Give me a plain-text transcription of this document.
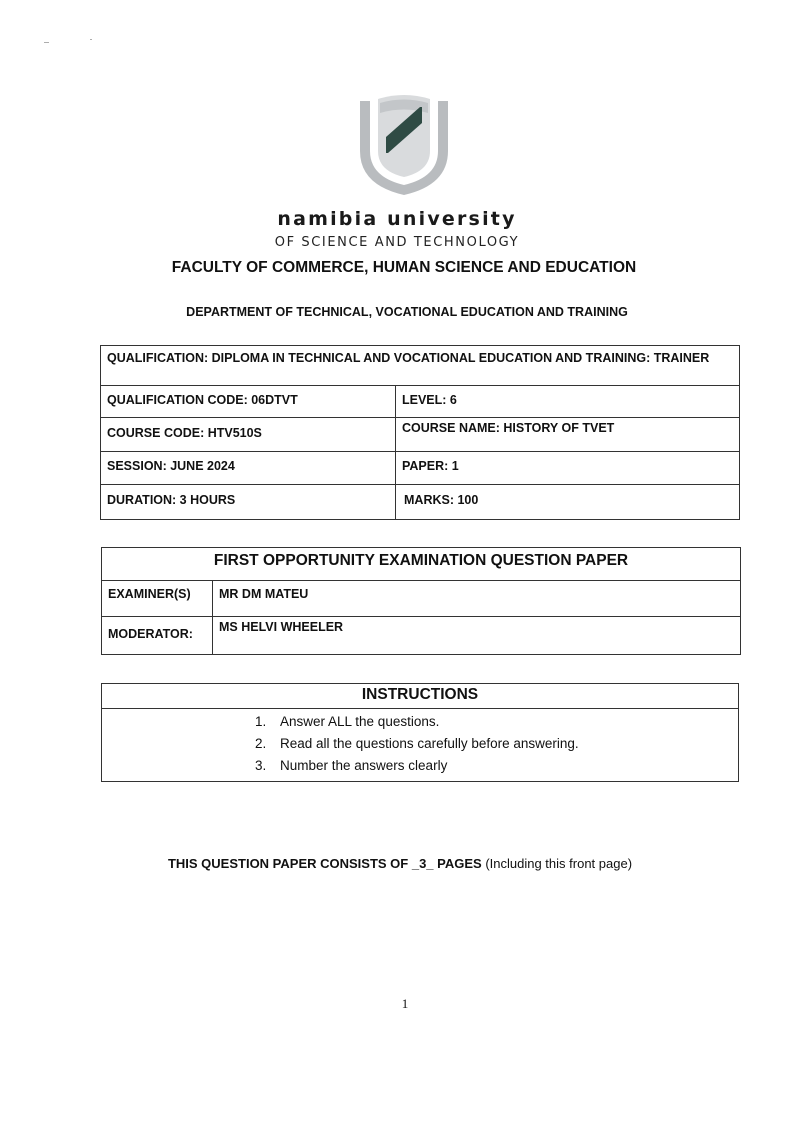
namibia university
OF SCIENCE AND TECHNOLOGY
FACULTY OF COMMERCE, HUMAN SCIENCE AND EDUCATION
DEPARTMENT OF TECHNICAL, VOCATIONAL EDUCATION AND TRAINING
QUALIFICATION: DIPLOMA IN TECHNICAL AND VOCATIONAL EDUCATION AND TRAINING: TRAINER	
QUALIFICATION CODE: 06DTVT	LEVEL: 6
COURSE CODE: HTV510S	COURSE NAME: HISTORY OF TVET
SESSION: JUNE 2024	PAPER: 1
DURATION: 3 HOURS	MARKS: 100
FIRST OPPORTUNITY EXAMINATION QUESTION PAPER	
EXAMINER(S)	MR DM MATEU
MODERATOR:	MS HELVI WHEELER
INSTRUCTIONS

1.	Answer ALL the questions.
2.	Read all the questions carefully before answering.
3.	Number the answers clearly
THIS QUESTION PAPER CONSISTS OF _3_ PAGES (Including this front page)
1
